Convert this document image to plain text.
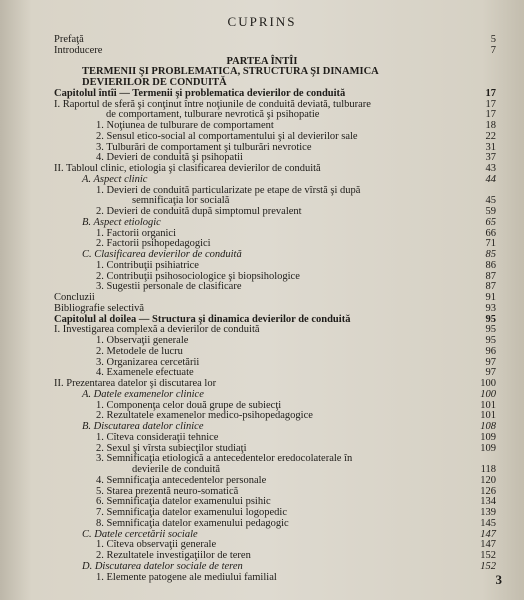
CUPRINS
Prefaţă	5
Introducere	7
PARTEA ÎNTÎI
TERMENII ŞI PROBLEMATICA, STRUCTURA ŞI DINAMICA
DEVIERILOR DE CONDUITĂ
Capitolul întîi — Termenii şi problematica devierilor de conduită	17
I. Raportul de sferă şi conţinut între noţiunile de conduită deviată, tulburare	17
de comportament, tulburare nevrotică şi psihopatie	17
1. Noţiunea de tulburare de comportament	18
2. Sensul etico-social al comportamentului şi al devierilor sale	22
3. Tulburări de comportament şi tulburări nevrotice	31
4. Devieri de conduită şi psihopatii	37
II. Tabloul clinic, etiologia şi clasificarea devierilor de conduită	43
A. Aspect clinic	44
1. Devieri de conduită particularizate pe etape de vîrstă şi după
semnificaţia lor socială	45
2. Devieri de conduită după simptomul prevalent	59
B. Aspect etiologic	65
1. Factorii organici	66
2. Factorii psihopedagogici	71
C. Clasificarea devierilor de conduită	85
1. Contribuţii psihiatrice	86
2. Contribuţii psihosociologice şi biopsihologice	87
3. Sugestii personale de clasificare	87
Concluzii	91
Bibliografie selectivă	93
Capitolul al doilea — Structura şi dinamica devierilor de conduită	95
I. Investigarea complexă a devierilor de conduită	95
1. Observaţii generale	95
2. Metodele de lucru	96
3. Organizarea cercetării	97
4. Examenele efectuate	97
II. Prezentarea datelor şi discutarea lor	100
A. Datele examenelor clinice	100
1. Componenţa celor două grupe de subiecţi	101
2. Rezultatele examenelor medico-psihopedagogice	101
B. Discutarea datelor clinice	108
1. Cîteva consideraţii tehnice	109
2. Sexul şi vîrsta subiecţilor studiaţi	109
3. Semnificaţia etiologică a antecedentelor eredocolaterale în
devierile de conduită	118
4. Semnificaţia antecedentelor personale	120
5. Starea prezentă neuro-somatică	126
6. Semnificaţia datelor examenului psihic	134
7. Semnificaţia datelor examenului logopedic	139
8. Semnificaţia datelor examenului pedagogic	145
C. Datele cercetării sociale	147
1. Cîteva observaţii generale	147
2. Rezultatele investigaţiilor de teren	152
D. Discutarea datelor sociale de teren	152
1. Elemente patogene ale mediului familial	3
